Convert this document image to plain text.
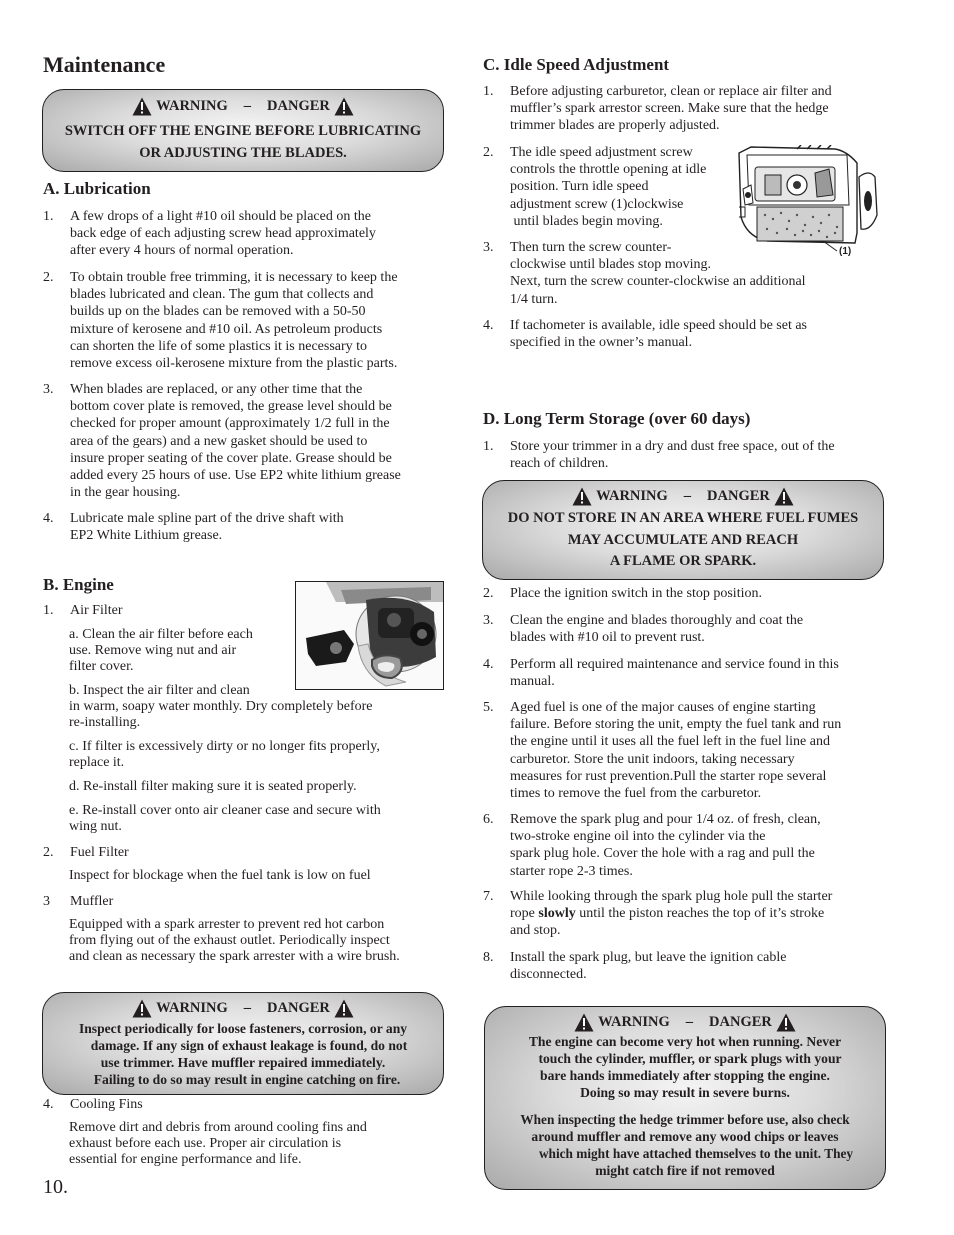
Maintenance
WARNING – DANGER
SWITCH OFF THE ENGINE BEFORE LUBRICATING
OR ADJUSTING THE BLADES.
A. Lubrication
1. A few drops of a light #10 oil should be placed on the
back edge of each adjusting screw head approximately
after every 4 hours of normal operation.
2. To obtain trouble free trimming, it is necessary to keep the
blades lubricated and clean. The gum that collects and
builds up on the blades can be removed with a 50-50
mixture of kerosene and #10 oil. As petroleum products
can shorten the life of some plastics it is necessary to
remove excess oil-kerosene mixture from the plastic parts.
3. When blades are replaced, or any other time that the
bottom cover plate is removed, the grease level should be
checked for proper amount (approximately 1/2 full in the
area of the gears) and a new gasket should be used to
insure proper seating of the cover plate. Grease should be
added every 25 hours of use. Use EP2 white lithium grease
in the gear housing.
4. Lubricate male spline part of the drive shaft with
EP2 White Lithium grease.
B. Engine
1. Air Filter
a. Clean the air filter before each
use. Remove wing nut and air
filter cover.
b. Inspect the air filter and clean
in warm, soapy water monthly. Dry completely before
re-installing.
c. If filter is excessively dirty or no longer fits properly,
replace it.
d. Re-install filter making sure it is seated properly.
e. Re-install cover onto air cleaner case and secure with
wing nut.
2. Fuel Filter
Inspect for blockage when the fuel tank is low on fuel
3 Muffler
Equipped with a spark arrester to prevent red hot carbon
from flying out of the exhaust outlet. Periodically inspect
and clean as necessary the spark arrester with a wire brush.
WARNING – DANGER
Inspect periodically for loose fasteners, corrosion, or any
damage. If any sign of exhaust leakage is found, do not
use trimmer. Have muffler repaired immediately.
Failing to do so may result in engine catching on fire.
4. Cooling Fins
Remove dirt and debris from around cooling fins and
exhaust before each use. Proper air circulation is
essential for engine performance and life.
10.
C. Idle Speed Adjustment
1. Before adjusting carburetor, clean or replace air filter and
muffler’s spark arrestor screen. Make sure that the hedge
trimmer blades are properly adjusted.
2. The idle speed adjustment screw
controls the throttle opening at idle
position. Turn idle speed
adjustment screw (1)clockwise
until blades begin moving.
(1)
3. Then turn the screw counter-
clockwise until blades stop moving.
Next, turn the screw counter-clockwise an additional
1/4 turn.
4. If tachometer is available, idle speed should be set as
specified in the owner’s manual.
D. Long Term Storage (over 60 days)
1. Store your trimmer in a dry and dust free space, out of the
reach of children.
WARNING – DANGER
DO NOT STORE IN AN AREA WHERE FUEL FUMES
MAY ACCUMULATE AND REACH
A FLAME OR SPARK.
2. Place the ignition switch in the stop position.
3. Clean the engine and blades thoroughly and coat the
blades with #10 oil to prevent rust.
4. Perform all required maintenance and service found in this
manual.
5. Aged fuel is one of the major causes of engine starting
failure. Before storing the unit, empty the fuel tank and run
the engine until it uses all the fuel left in the fuel line and
carburetor. Store the unit indoors, taking necessary
measures for rust prevention.Pull the starter rope several
times to remove the fuel from the carburetor.
6. Remove the spark plug and pour 1/4 oz. of fresh, clean,
two-stroke engine oil into the cylinder via the
spark plug hole. Cover the hole with a rag and pull the
starter rope 2-3 times.
7. While looking through the spark plug hole pull the starter
rope slowly until the piston reaches the top of it’s stroke
and stop.
8. Install the spark plug, but leave the ignition cable
disconnected.
WARNING – DANGER
The engine can become very hot when running. Never
touch the cylinder, muffler, or spark plugs with your
bare hands immediately after stopping the engine.
Doing so may result in severe burns.
When inspecting the hedge trimmer before use, also check
around muffler and remove any wood chips or leaves
which might have attached themselves to the unit. They
might catch fire if not removed
